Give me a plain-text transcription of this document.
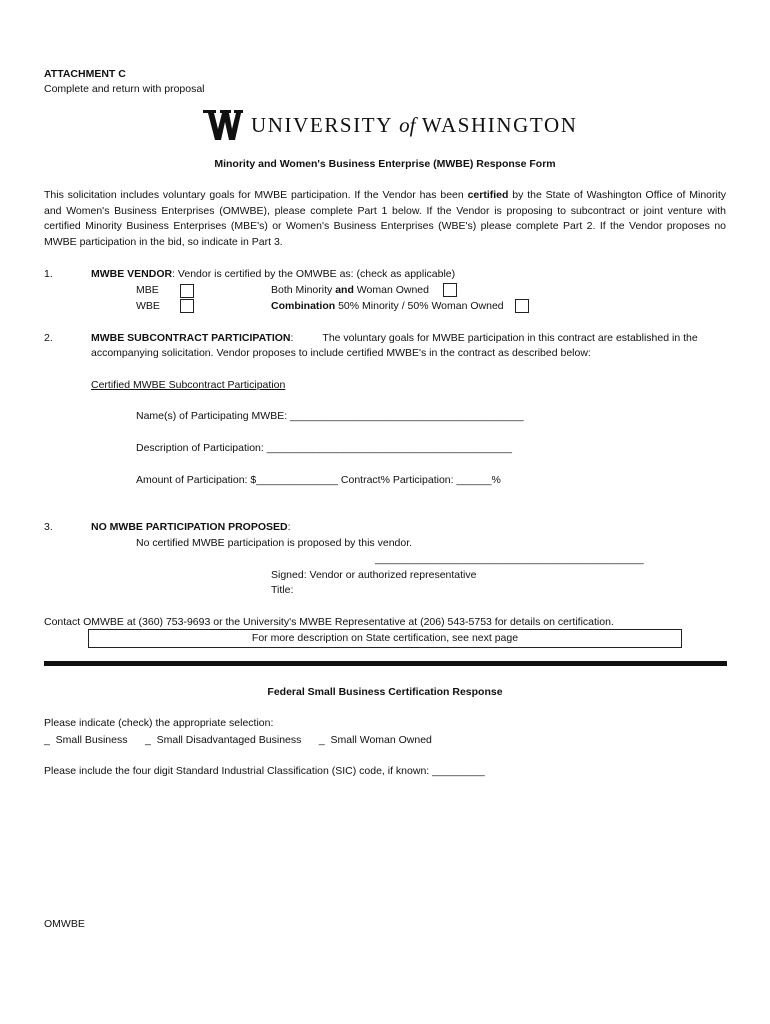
ATTACHMENT C
Complete and return with proposal
UNIVERSITY of WASHINGTON
Minority and Women's Business Enterprise (MWBE) Response Form
This solicitation includes voluntary goals for MWBE participation. If the Vendor has been certified by the State of Washington Office of Minority and Women's Business Enterprises (OMWBE), please complete Part 1 below. If the Vendor is proposing to subcontract or joint venture with certified Minority Business Enterprises (MBE's) or Women's Business Enterprises (WBE's) please complete Part 2. If the Vendor proposes no MWBE participation in the bid, so indicate in Part 3.
1.	MWBE VENDOR: Vendor is certified by the OMWBE as: (check as applicable)
MBE	Both Minority and Woman Owned
WBE	Combination 50% Minority / 50% Woman Owned
2.	MWBE SUBCONTRACT PARTICIPATION:          The voluntary goals for MWBE participation in this contract are established in the
accompanying solicitation. Vendor proposes to include certified MWBE's in the contract as described below:
Certified MWBE Subcontract Participation
Name(s) of Participating MWBE: ________________________________________
Description of Participation: __________________________________________
Amount of Participation: $______________ Contract% Participation: ______%
3.	NO MWBE PARTICIPATION PROPOSED:
No certified MWBE participation is proposed by this vendor.
______________________________________________
Signed: Vendor or authorized representative
Title:
Contact OMWBE at (360) 753-9693 or the University's MWBE Representative at (206) 543-5753 for details on certification.
For more description on State certification, see next page
Federal Small Business Certification Response
Please indicate (check) the appropriate selection:
_  Small Business      _  Small Disadvantaged Business      _  Small Woman Owned
Please include the four digit Standard Industrial Classification (SIC) code, if known: _________
OMWBE
